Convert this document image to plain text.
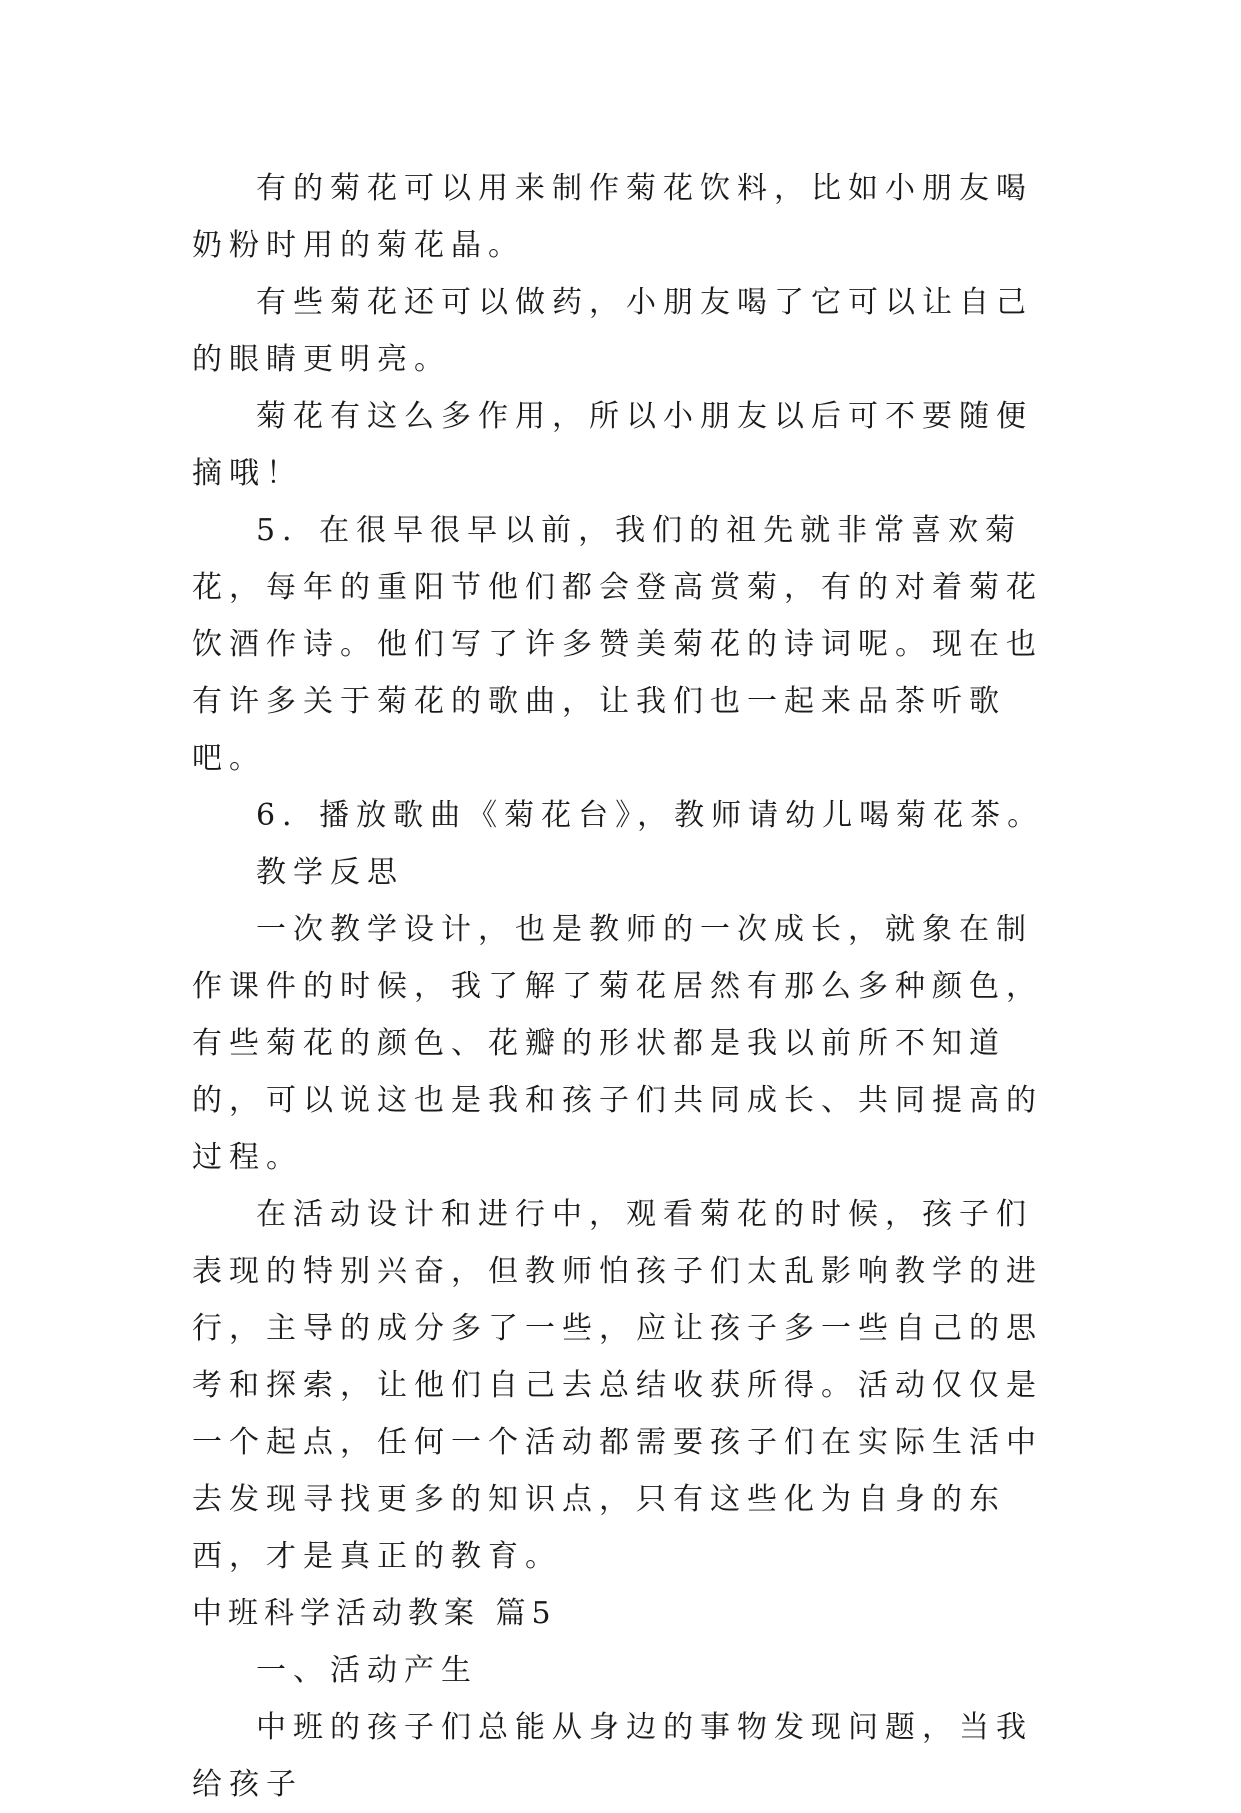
有的菊花可以用来制作菊花饮料，比如小朋友喝奶粉时用的菊花晶。

有些菊花还可以做药，小朋友喝了它可以让自己的眼睛更明亮。

菊花有这么多作用，所以小朋友以后可不要随便摘哦！

5．在很早很早以前，我们的祖先就非常喜欢菊花，每年的重阳节他们都会登高赏菊，有的对着菊花饮酒作诗。他们写了许多赞美菊花的诗词呢。现在也有许多关于菊花的歌曲，让我们也一起来品茶听歌吧。

6．播放歌曲《菊花台》，教师请幼儿喝菊花茶。

教学反思

一次教学设计，也是教师的一次成长，就象在制作课件的时候，我了解了菊花居然有那么多种颜色，有些菊花的颜色、花瓣的形状都是我以前所不知道的，可以说这也是我和孩子们共同成长、共同提高的过程。

在活动设计和进行中，观看菊花的时候，孩子们表现的特别兴奋，但教师怕孩子们太乱影响教学的进行，主导的成分多了一些，应让孩子多一些自己的思考和探索，让他们自己去总结收获所得。活动仅仅是一个起点，任何一个活动都需要孩子们在实际生活中去发现寻找更多的知识点，只有这些化为自身的东西，才是真正的教育。

中班科学活动教案 篇5

一、活动产生

中班的孩子们总能从身边的事物发现问题，当我给孩子
